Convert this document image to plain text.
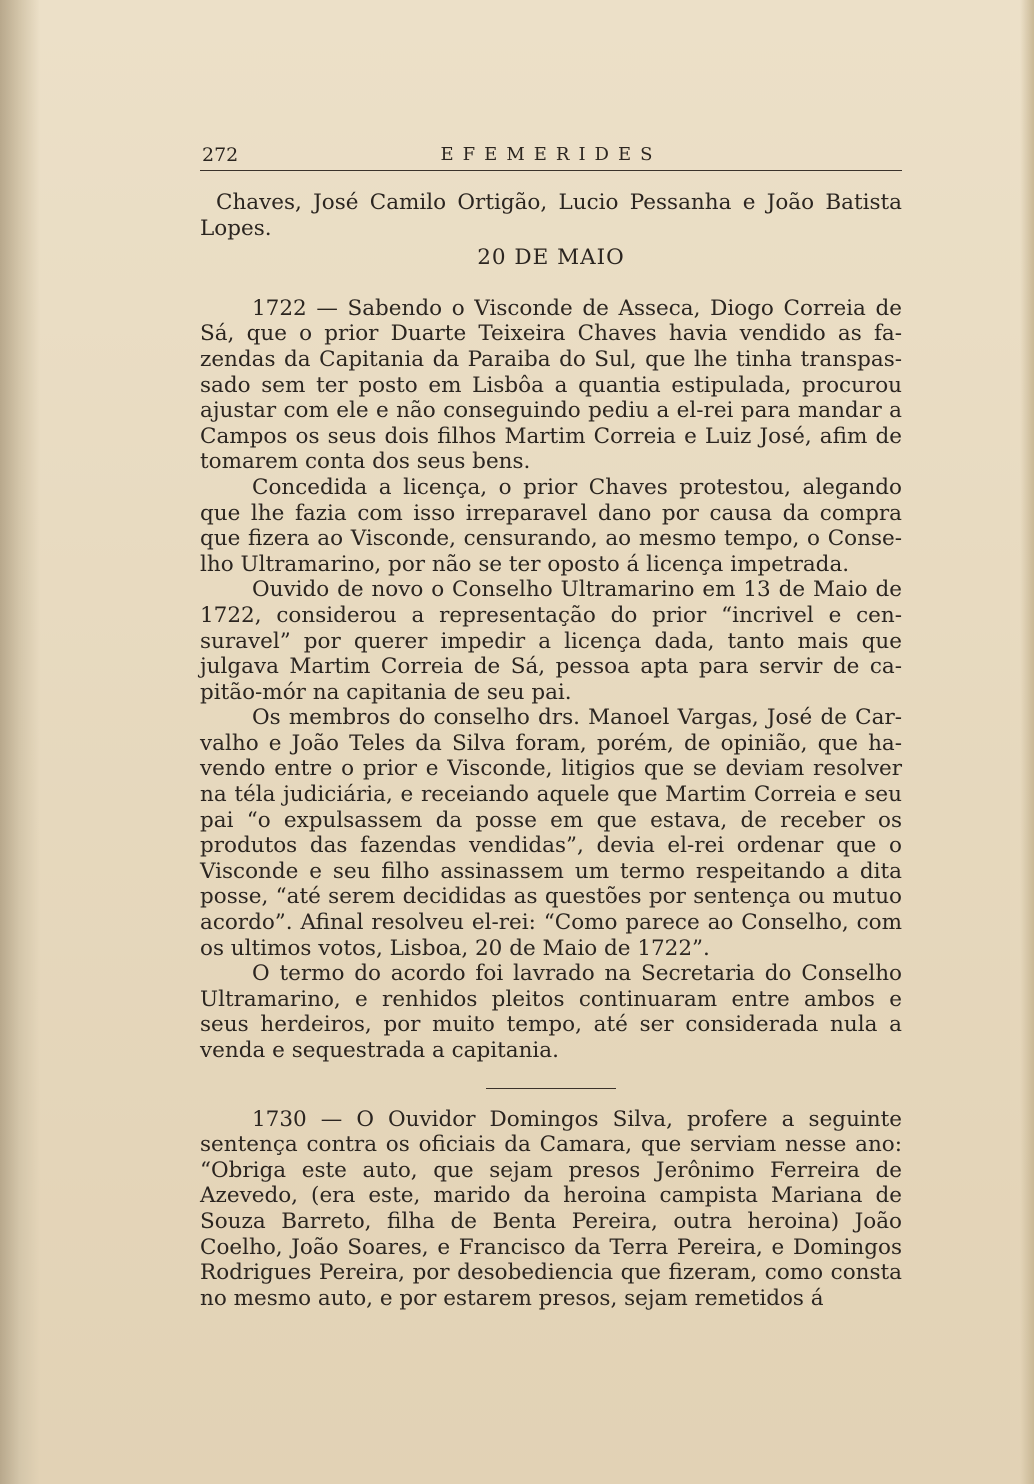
272	EFEMERIDES

Chaves, José Camilo Ortigão, Lucio Pessanha e João Batista Lopes.

20 DE MAIO

1722 — Sabendo o Visconde de Asseca, Diogo Correia de Sá, que o prior Duarte Teixeira Chaves havia vendido as fazendas da Capitania da Paraiba do Sul, que lhe tinha transpassado sem ter posto em Lisbôa a quantia estipulada, procurou ajustar com ele e não conseguindo pediu a el-rei para mandar a Campos os seus dois filhos Martim Correia e Luiz José, afim de tomarem conta dos seus bens.

Concedida a licença, o prior Chaves protestou, alegando que lhe fazia com isso irreparavel dano por causa da compra que fizera ao Visconde, censurando, ao mesmo tempo, o Conselho Ultramarino, por não se ter oposto á licença impetrada.

Ouvido de novo o Conselho Ultramarino em 13 de Maio de 1722, considerou a representação do prior “incrivel e censuravel” por querer impedir a licença dada, tanto mais que julgava Martim Correia de Sá, pessoa apta para servir de capitão-mór na capitania de seu pai.

Os membros do conselho drs. Manoel Vargas, José de Carvalho e João Teles da Silva foram, porém, de opinião, que havendo entre o prior e Visconde, litigios que se deviam resolver na téla judiciária, e receiando aquele que Martim Correia e seu pai “o expulsassem da posse em que estava, de receber os produtos das fazendas vendidas”, devia el-rei ordenar que o Visconde e seu filho assinassem um termo respeitando a dita posse, “até serem decididas as questões por sentença ou mutuo acordo”. Afinal resolveu el-rei: “Como parece ao Conselho, com os ultimos votos, Lisboa, 20 de Maio de 1722”.

O termo do acordo foi lavrado na Secretaria do Conselho Ultramarino, e renhidos pleitos continuaram entre ambos e seus herdeiros, por muito tempo, até ser considerada nula a venda e sequestrada a capitania.

1730 — O Ouvidor Domingos Silva, profere a seguinte sentença contra os oficiais da Camara, que serviam nesse ano: “Obriga este auto, que sejam presos Jerônimo Ferreira de Azevedo, (era este, marido da heroina campista Mariana de Souza Barreto, filha de Benta Pereira, outra heroina) João Coelho, João Soares, e Francisco da Terra Pereira, e Domingos Rodrigues Pereira, por desobediencia que fizeram, como consta no mesmo auto, e por estarem presos, sejam remetidos á
